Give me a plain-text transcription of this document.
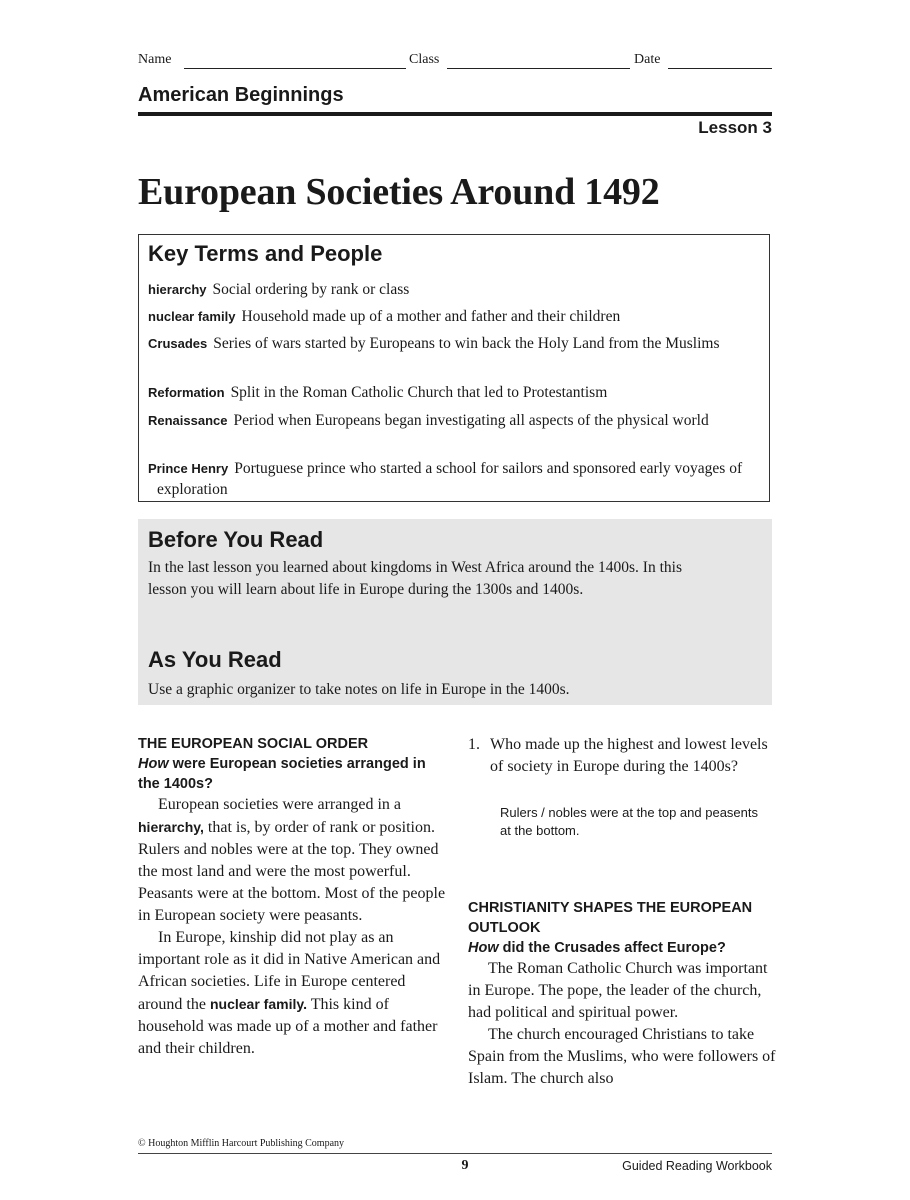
Name	Class	Date
American Beginnings
Lesson 3
European Societies Around 1492
Key Terms and People
hierarchy Social ordering by rank or class
nuclear family Household made up of a mother and father and their children
Crusades Series of wars started by Europeans to win back the Holy Land from the Muslims
Reformation Split in the Roman Catholic Church that led to Protestantism
Renaissance Period when Europeans began investigating all aspects of the physical world
Prince Henry Portuguese prince who started a school for sailors and sponsored early voyages of exploration
Before You Read
In the last lesson you learned about kingdoms in West Africa around the 1400s. In this lesson you will learn about life in Europe during the 1300s and 1400s.
As You Read
Use a graphic organizer to take notes on life in Europe in the 1400s.
THE EUROPEAN SOCIAL ORDER
How were European societies arranged in the 1400s?

European societies were arranged in a hierarchy, that is, by order of rank or position. Rulers and nobles were at the top. They owned the most land and were the most powerful. Peasants were at the bottom. Most of the people in European society were peasants.

In Europe, kinship did not play as an important role as it did in Native American and African societies. Life in Europe centered around the nuclear family. This kind of household was made up of a mother and father and their children.

1. Who made up the highest and lowest levels of society in Europe during the 1400s?
Rulers / nobles were at the top and peasents at the bottom.
CHRISTIANITY SHAPES THE EUROPEAN OUTLOOK
How did the Crusades affect Europe?

The Roman Catholic Church was important in Europe. The pope, the leader of the church, had political and spiritual power.

The church encouraged Christians to take Spain from the Muslims, who were followers of Islam. The church also

© Houghton Mifflin Harcourt Publishing Company
9	Guided Reading Workbook
